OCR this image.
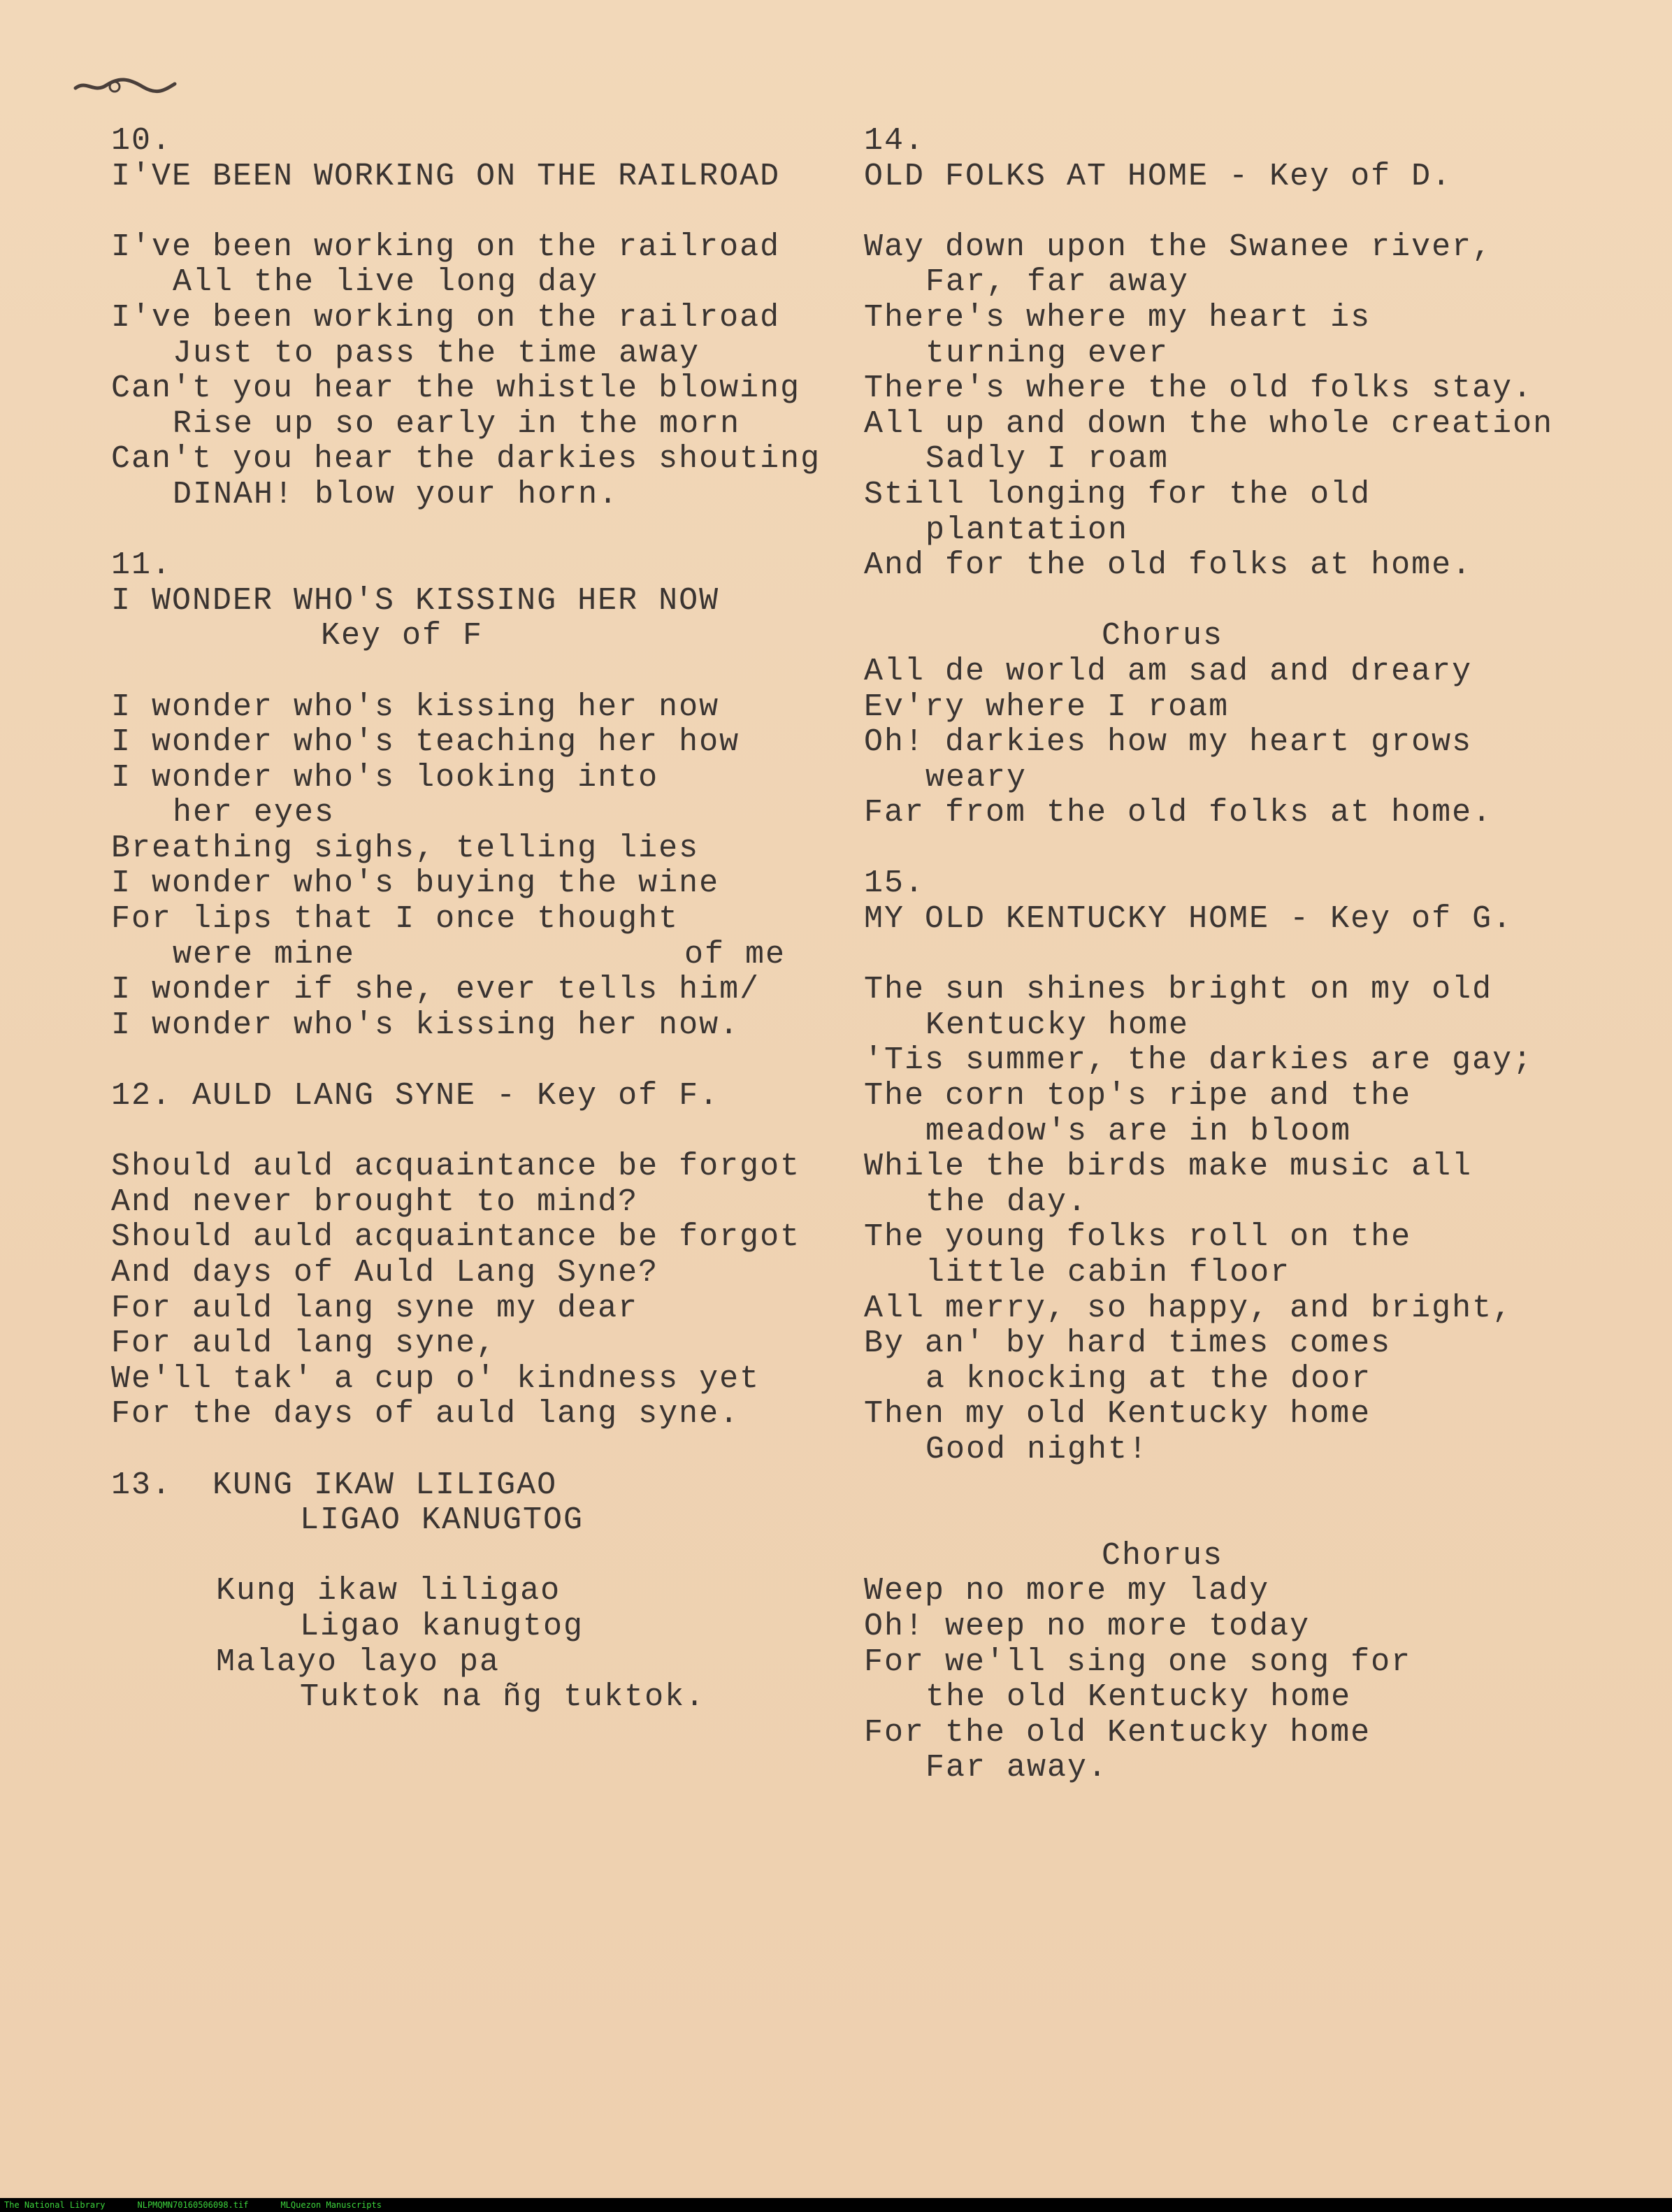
10.
I'VE BEEN WORKING ON THE RAILROAD
I've been working on the railroad
All the live long day
I've been working on the railroad
Just to pass the time away
Can't you hear the whistle blowing
Rise up so early in the morn
Can't you hear the darkies shouting
DINAH! blow your horn.
11.
I WONDER WHO'S KISSING HER NOW
Key of F
I wonder who's kissing her now
I wonder who's teaching her how
I wonder who's looking into
her eyes
Breathing sighs, telling lies
I wonder who's buying the wine
For lips that I once thought
were mine	of me
I wonder if she, ever tells him/
I wonder who's kissing her now.
12. AULD LANG SYNE - Key of F.
Should auld acquaintance be forgot
And never brought to mind?
Should auld acquaintance be forgot
And days of Auld Lang Syne?
For auld lang syne my dear
For auld lang syne,
We'll tak' a cup o' kindness yet
For the days of auld lang syne.
13.  KUNG IKAW LILIGAO
LIGAO KANUGTOG
Kung ikaw liligao
Ligao kanugtog
Malayo layo pa
Tuktok na ñg tuktok.
14.
OLD FOLKS AT HOME - Key of D.
Way down upon the Swanee river,
Far, far away
There's where my heart is
turning ever
There's where the old folks stay.
All up and down the whole creation
Sadly I roam
Still longing for the old
plantation
And for the old folks at home.
Chorus
All de world am sad and dreary
Ev'ry where I roam
Oh! darkies how my heart grows
weary
Far from the old folks at home.
15.
MY OLD KENTUCKY HOME - Key of G.
The sun shines bright on my old
Kentucky home
'Tis summer, the darkies are gay;
The corn top's ripe and the
meadow's are in bloom
While the birds make music all
the day.
The young folks roll on the
little cabin floor
All merry, so happy, and bright,
By an' by hard times comes
a knocking at the door
Then my old Kentucky home
Good night!
Chorus
Weep no more my lady
Oh! weep no more today
For we'll sing one song for
the old Kentucky home
For the old Kentucky home
Far away.
The National Library	NLPMQMN70160506098.tif	MLQuezon Manuscripts
